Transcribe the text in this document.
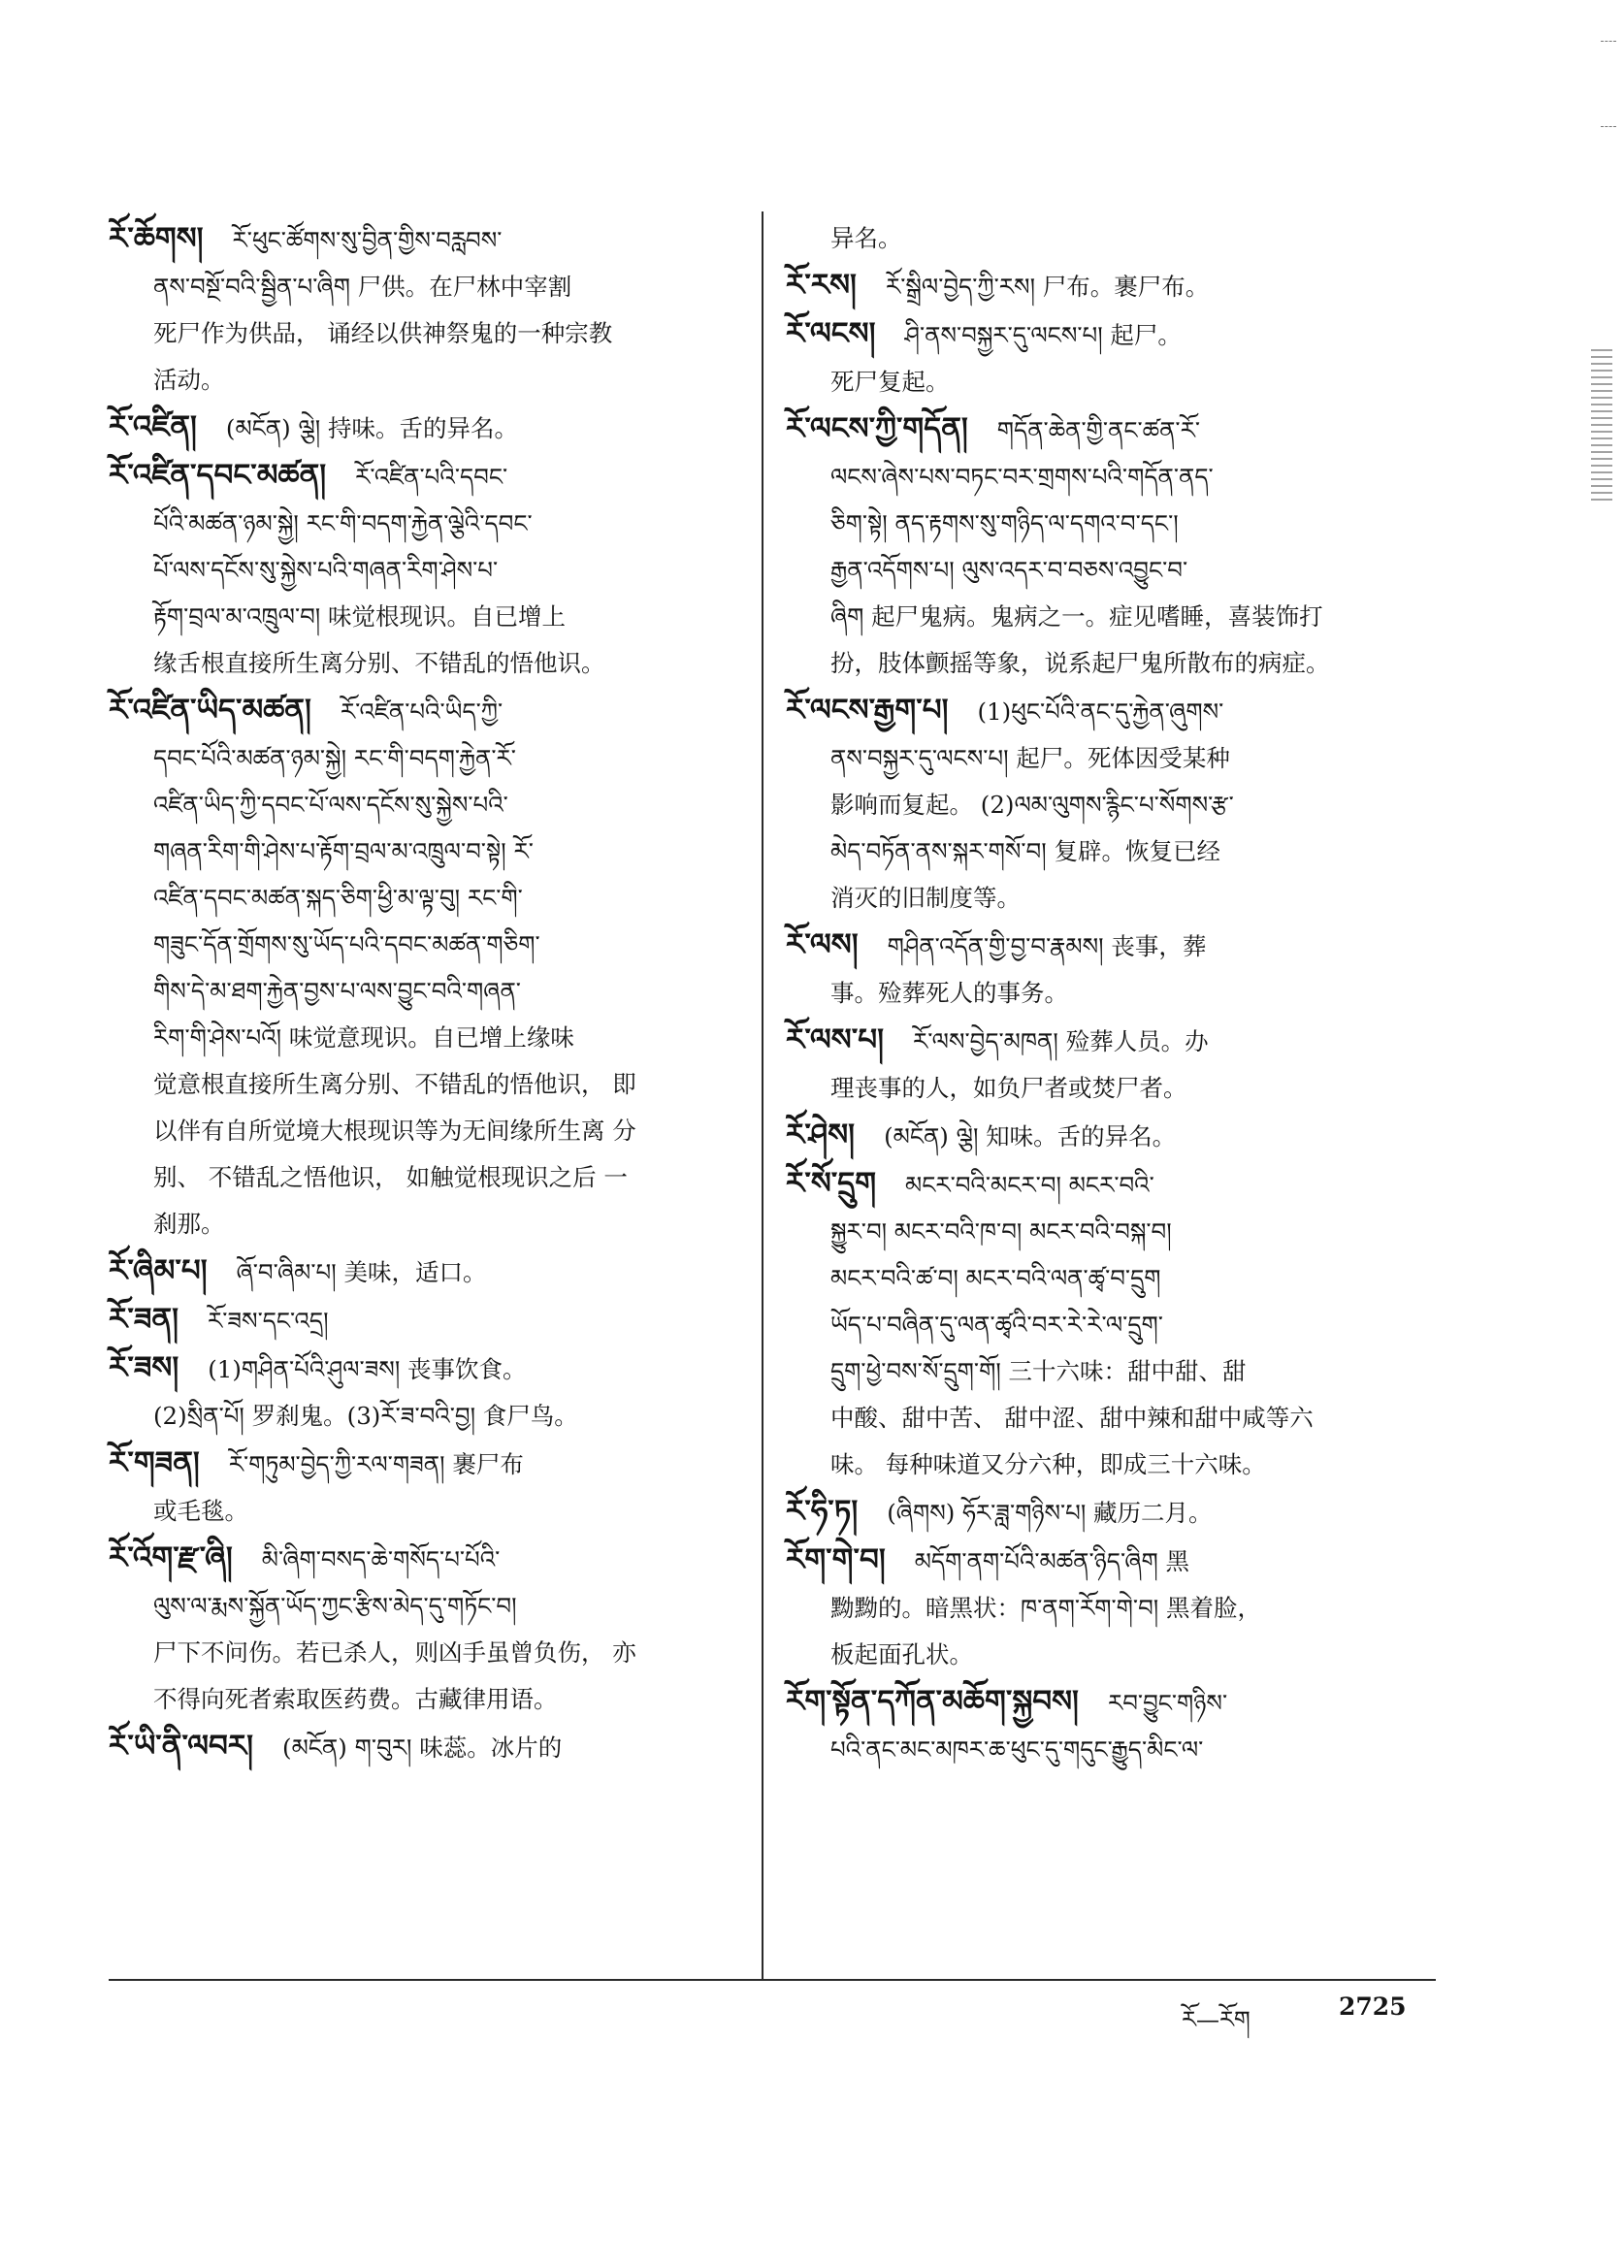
རོ་ཆོགས། རོ་ཕུང་ཚོགས་སུ་བྱིན་གྱིས་བརླབས་
ནས་བསྔོ་བའི་སྦྱིན་པ་ཞིག 尸供。在尸林中宰割
死尸作为供品， 诵经以供神祭鬼的一种宗教
活动。
རོ་འཛིན། (མངོན) ལྕེ། 持味。舌的异名。
རོ་འཛིན་དབང་མཚན། རོ་འཛིན་པའི་དབང་
པོའི་མཚན་ཉམ་སྐྱེ། རང་གི་བདག་རྐྱེན་ལྕེའི་དབང་
པོ་ལས་དངོས་སུ་སྐྱེས་པའི་གཞན་རིག་ཤེས་པ་
རྟོག་བྲལ་མ་འཁྲུལ་བ། 味觉根现识。自已增上
缘舌根直接所生离分别、不错乱的悟他识。
རོ་འཛིན་ཡིད་མཚན། རོ་འཛིན་པའི་ཡིད་ཀྱི་
དབང་པོའི་མཚན་ཉམ་སྐྱེ། རང་གི་བདག་རྐྱེན་རོ་
འཛིན་ཡིད་ཀྱི་དབང་པོ་ལས་དངོས་སུ་སྐྱེས་པའི་
གཞན་རིག་གི་ཤེས་པ་རྟོག་བྲལ་མ་འཁྲུལ་བ་སྟེ། རོ་
འཛིན་དབང་མཚན་སྐད་ཅིག་ཕྱི་མ་ལྟ་བུ། རང་གི་
གཟུང་དོན་གྲོགས་སུ་ཡོད་པའི་དབང་མཚན་གཅིག་
གིས་དེ་མ་ཐག་རྐྱེན་བྱས་པ་ལས་བྱུང་བའི་གཞན་
རིག་གི་ཤེས་པའོ། 味觉意现识。自已增上缘味
觉意根直接所生离分别、不错乱的悟他识， 即
以伴有自所觉境大根现识等为无间缘所生离 分
别、 不错乱之悟他识， 如触觉根现识之后 一
刹那。
རོ་ཞིམ་པ། ཞོ་བ་ཞིམ་པ། 美味，适口。
རོ་ཟན། རོ་ཟས་དང་འདྲ།
རོ་ཟས། (1)གཤིན་པོའི་ཤུལ་ཟས། 丧事饮食。
(2)སྲིན་པོ། 罗刹鬼。(3)རོ་ཟ་བའི་བྱ། 食尸鸟。
རོ་གཟན། རོ་གཏུམ་བྱེད་ཀྱི་ཪལ་གཟན། 裹尸布
或毛毯。
རོ་འོག་རྫ་ཞི། མི་ཞིག་བསད་ཆེ་གསོད་པ་པོའི་
ལུས་ལ་རྨས་སྐྱོན་ཡོད་ཀྱང་རྩིས་མེད་དུ་གཏོང་བ།
尸下不问伤。若已杀人，则凶手虽曾负伤， 亦
不得向死者索取医药费。古藏律用语。
རོ་ཡི་ནི་ལབར། (མངོན) ག་བུར། 味蕊。冰片的
异名。
རོ་རས། རོ་སྒྲིལ་བྱེད་ཀྱི་རས། 尸布。裹尸布。
རོ་ལངས། ཤི་ནས་བསྐྱར་དུ་ལངས་པ། 起尸。
死尸复起。
རོ་ལངས་ཀྱི་གདོན། གདོན་ཆེན་གྱི་ནང་ཚན་རོ་
ལངས་ཞེས་པས་བཏང་བར་གྲགས་པའི་གདོན་ནད་
ཅིག་སྟེ། ནད་རྟགས་སུ་གཉིད་ལ་དགའ་བ་དང་།
རྒྱན་འདོགས་པ། ལུས་འདར་བ་བཅས་འབྱུང་བ་
ཞིག 起尸鬼病。鬼病之一。症见嗜睡，喜装饰打
扮，肢体颤摇等象，说系起尸鬼所散布的病症。
རོ་ལངས་རྒྱག་པ། (1)ཕུང་པོའི་ནང་དུ་རྐྱེན་ཞུགས་
ནས་བསྐྱར་དུ་ལངས་པ། 起尸。死体因受某种
影响而复起。 (2)ལམ་ལུགས་རྙིང་པ་སོགས་རྩ་
མེད་བཏོན་ནས་སྐར་གསོ་བ། 复辟。恢复已经
消灭的旧制度等。
རོ་ལས། གཤིན་འདོན་གྱི་བྱ་བ་རྣམས། 丧事，葬
事。殓葬死人的事务。
རོ་ལས་པ། རོ་ལས་བྱེད་མཁན། 殓葬人员。办
理丧事的人，如负尸者或焚尸者。
རོ་ཤེས། (མངོན) ལྕེ། 知味。舌的异名。
རོ་སོ་དྲུག མངར་བའི་མངར་བ། མངར་བའི་
སྐྱུར་བ། མངར་བའི་ཁ་བ། མངར་བའི་བསྐ་བ།
མངར་བའི་ཚ་བ། མངར་བའི་ལན་ཚྭ་བ་དྲུག
ཡོད་པ་བཞིན་དུ་ལན་ཚྭའི་བར་རེ་རེ་ལ་དྲུག་
དྲུག་ཕྱེ་བས་སོ་དྲུག་གོ། 三十六味：甜中甜、甜
中酸、甜中苦、 甜中涩、甜中辣和甜中咸等六
味。 每种味道又分六种，即成三十六味。
རོ་ཧི་ཏ། (ཞིགས) ཧོར་ཟླ་གཉིས་པ། 藏历二月。
རོག་གེ་བ། མདོག་ནག་པོའི་མཚན་ཉིད་ཞིག 黑
黝黝的。暗黑状：ཁ་ནག་རོག་གེ་བ། 黑着脸，
板起面孔状。
རོག་སྟོན་དཀོན་མཆོག་སྐྱབས། རབ་བྱུང་གཉིས་
པའི་ནང་མང་མཁར་ཆ་ཕུང་དུ་གདུང་རྒྱུད་མིང་ལ་
རོ—རོག	2725
